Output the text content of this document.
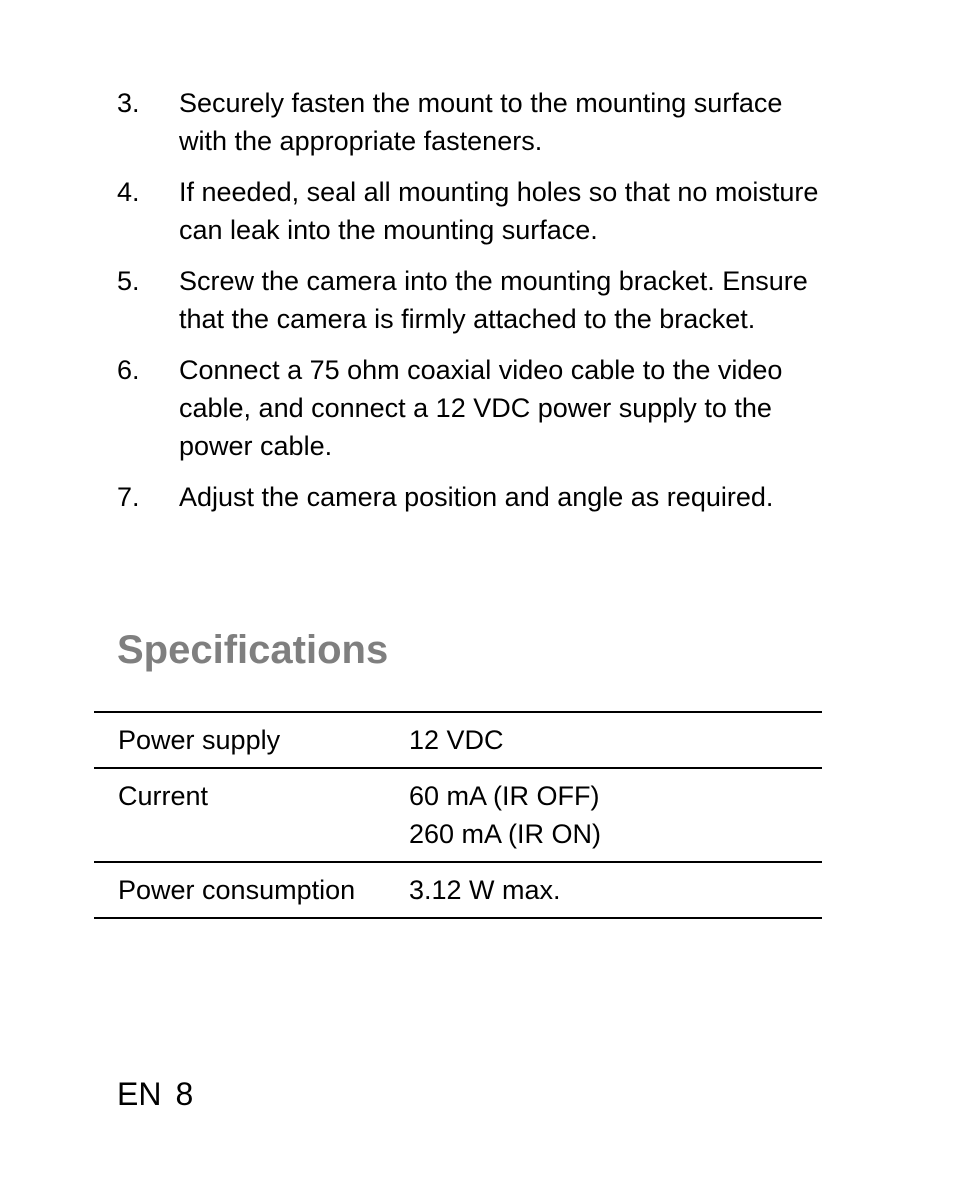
3. Securely fasten the mount to the mounting surface with the appropriate fasteners.
4. If needed, seal all mounting holes so that no moisture can leak into the mounting surface.
5. Screw the camera into the mounting bracket. Ensure that the camera is firmly attached to the bracket.
6. Connect a 75 ohm coaxial video cable to the video cable, and connect a 12 VDC power supply to the power cable.
7. Adjust the camera position and angle as required.
Specifications
Power supply	12 VDC

Current	60 mA (IR OFF)
260 mA (IR ON)

Power consumption	3.12 W max.
EN 8
